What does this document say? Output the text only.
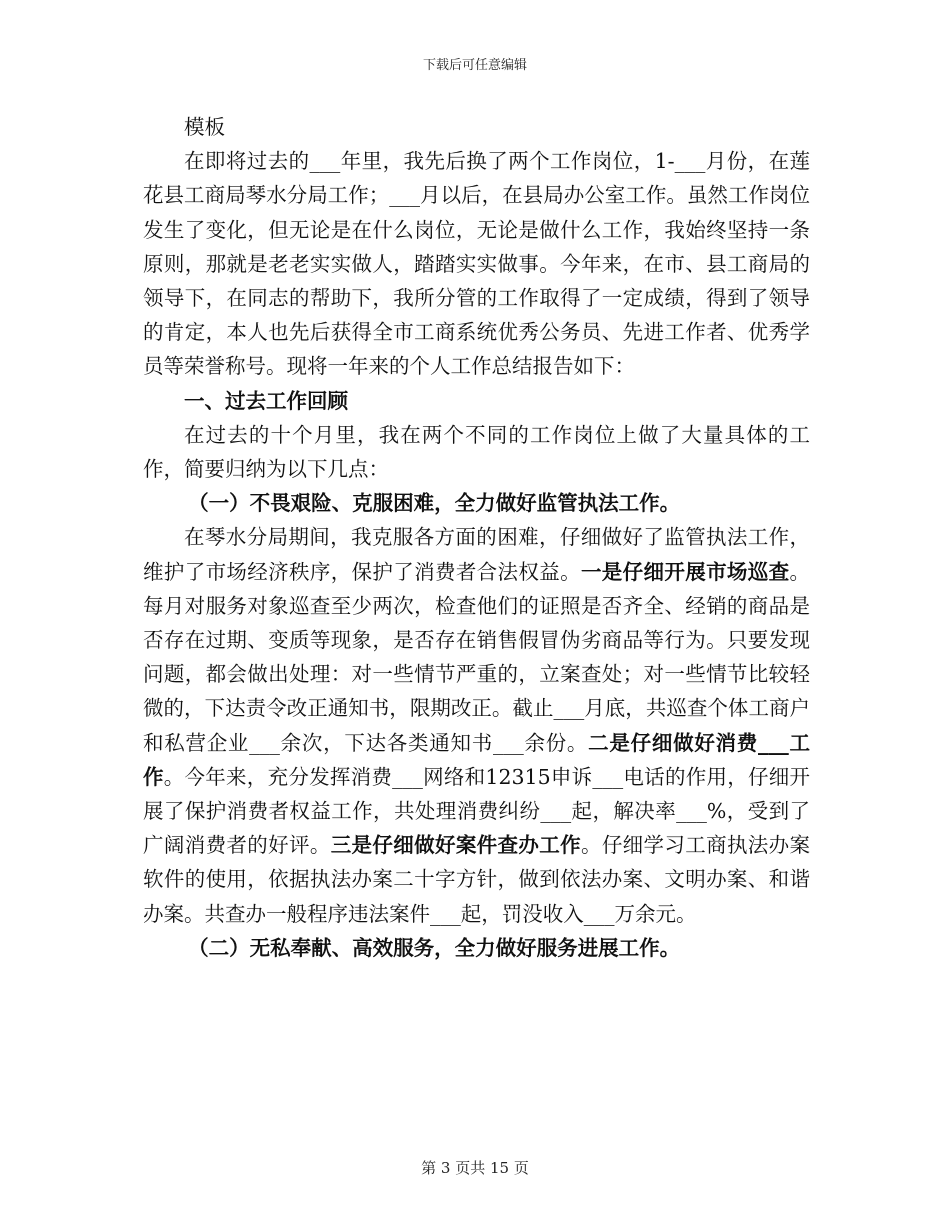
下载后可任意编辑

模板

在即将过去的___年里，我先后换了两个工作岗位，1-___月份，在莲花县工商局琴水分局工作；___月以后，在县局办公室工作。虽然工作岗位发生了变化，但无论是在什么岗位，无论是做什么工作，我始终坚持一条原则，那就是老老实实做人，踏踏实实做事。今年来，在市、县工商局的领导下，在同志的帮助下，我所分管的工作取得了一定成绩，得到了领导的肯定，本人也先后获得全市工商系统优秀公务员、先进工作者、优秀学员等荣誉称号。现将一年来的个人工作总结报告如下：

一、过去工作回顾

在过去的十个月里，我在两个不同的工作岗位上做了大量具体的工作，简要归纳为以下几点：

（一）不畏艰险、克服困难，全力做好监管执法工作。

在琴水分局期间，我克服各方面的困难，仔细做好了监管执法工作，维护了市场经济秩序，保护了消费者合法权益。一是仔细开展市场巡查。每月对服务对象巡查至少两次，检查他们的证照是否齐全、经销的商品是否存在过期、变质等现象，是否存在销售假冒伪劣商品等行为。只要发现问题，都会做出处理：对一些情节严重的，立案查处；对一些情节比较轻微的，下达责令改正通知书，限期改正。截止___月底，共巡查个体工商户和私营企业___余次，下达各类通知书___余份。二是仔细做好消费___工作。今年来，充分发挥消费___网络和12315申诉___电话的作用，仔细开展了保护消费者权益工作，共处理消费纠纷___起，解决率___%，受到了广阔消费者的好评。三是仔细做好案件查办工作。仔细学习工商执法办案软件的使用，依据执法办案二十字方针，做到依法办案、文明办案、和谐办案。共查办一般程序违法案件___起，罚没收入___万余元。

（二）无私奉献、高效服务，全力做好服务进展工作。

第 3 页共 15 页
